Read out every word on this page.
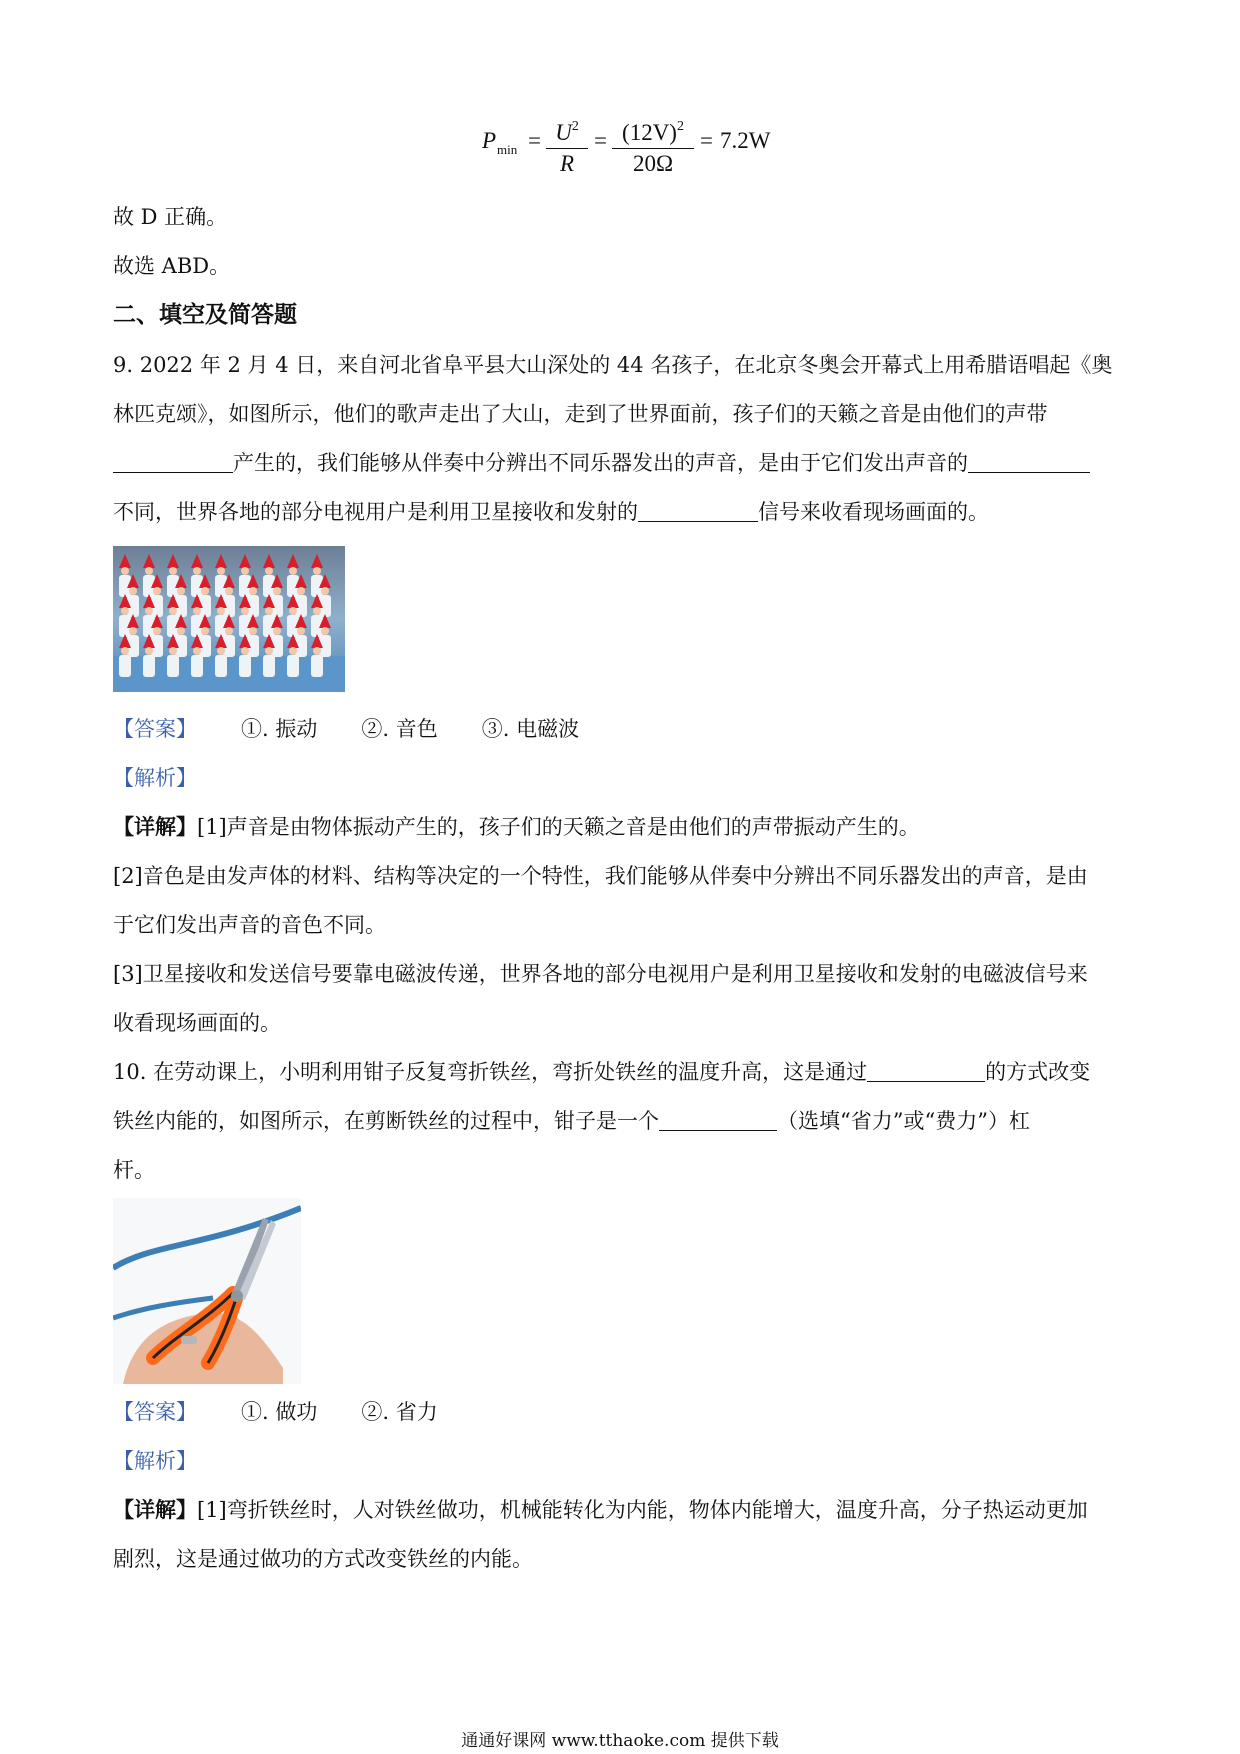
P $\min = \frac{U^2}{R} = \frac{(12V)^2}{20\Omega} = 7.2W$
故 D 正确。
故选 ABD。
二、填空及简答题
9. 2022 年 2 月 4 日，来自河北省阜平县大山深处的 44 名孩子，在北京冬奥会开幕式上用希腊语唱起《奥
林匹克颂》，如图所示，他们的歌声走出了大山，走到了世界面前，孩子们的天籁之音是由他们的声带
产生的，我们能够从伴奏中分辨出不同乐器发出的声音，是由于它们发出声音的
不同，世界各地的部分电视用户是利用卫星接收和发射的	信号来收看现场画面的。
【答案】 ①. 振动 ②. 音色 ③. 电磁波
【解析】
【详解】[1]声音是由物体振动产生的，孩子们的天籁之音是由他们的声带振动产生的。
[2]音色是由发声体的材料、结构等决定的一个特性，我们能够从伴奏中分辨出不同乐器发出的声音，是由
于它们发出声音的音色不同。
[3]卫星接收和发送信号要靠电磁波传递，世界各地的部分电视用户是利用卫星接收和发射的电磁波信号来
收看现场画面的。
10. 在劳动课上，小明利用钳子反复弯折铁丝，弯折处铁丝的温度升高，这是通过	的方式改变
铁丝内能的，如图所示，在剪断铁丝的过程中，钳子是一个	（选填“省力”或“费力”）杠
杆。
【答案】 ①. 做功 ②. 省力
【解析】
【详解】[1]弯折铁丝时，人对铁丝做功，机械能转化为内能，物体内能增大，温度升高，分子热运动更加
剧烈，这是通过做功的方式改变铁丝的内能。
通通好课网 www.tthaoke.com 提供下载
